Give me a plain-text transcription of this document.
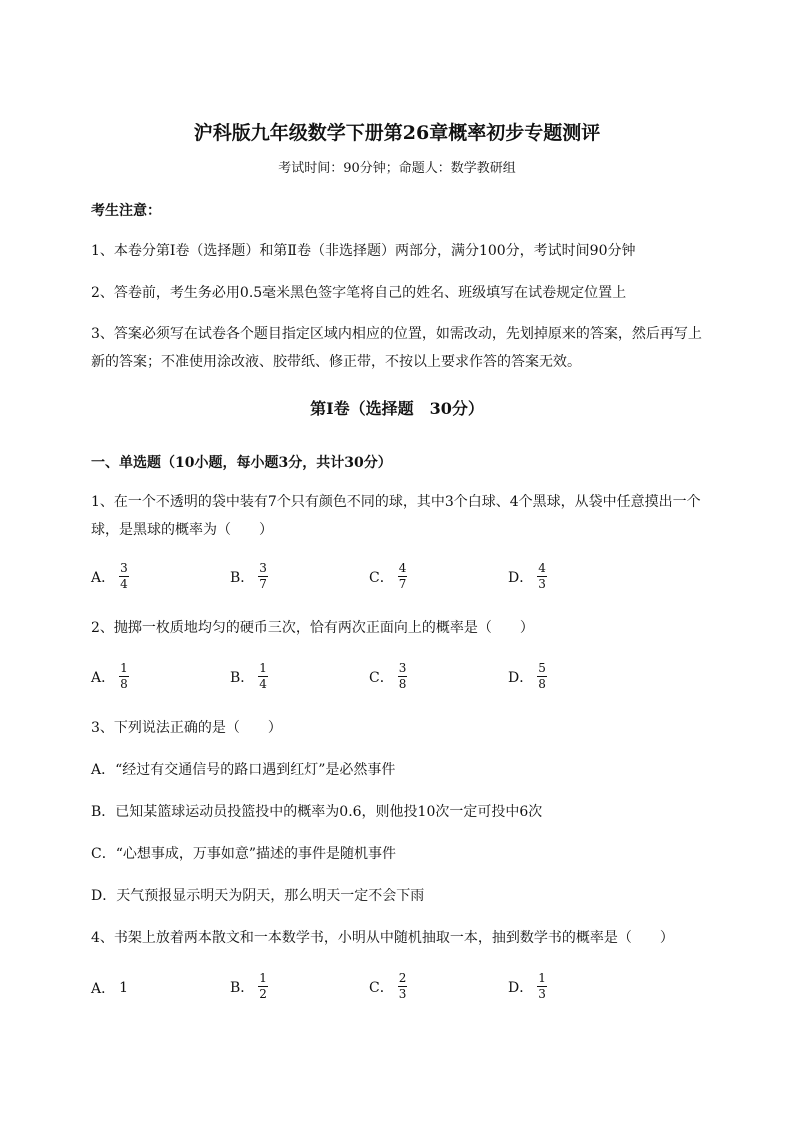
沪科版九年级数学下册第26章概率初步专题测评
考试时间：90分钟；命题人：数学教研组
考生注意：
1、本卷分第I卷（选择题）和第Ⅱ卷（非选择题）两部分，满分100分，考试时间90分钟
2、答卷前，考生务必用0.5毫米黑色签字笔将自己的姓名、班级填写在试卷规定位置上
3、答案必须写在试卷各个题目指定区域内相应的位置，如需改动，先划掉原来的答案，然后再写上新的答案；不准使用涂改液、胶带纸、修正带，不按以上要求作答的答案无效。
第I卷（选择题　30分）
一、单选题（10小题，每小题3分，共计30分）
1、在一个不透明的袋中装有7个只有颜色不同的球，其中3个白球、4个黑球，从袋中任意摸出一个球，是黑球的概率为（　　）
A． $\frac{3}{4}$	B． $\frac{3}{7}$	C． $\frac{4}{7}$	D． $\frac{4}{3}$
2、抛掷一枚质地均匀的硬币三次，恰有两次正面向上的概率是（　　）
A． $\frac{1}{8}$	B． $\frac{1}{4}$	C． $\frac{3}{8}$	D． $\frac{5}{8}$
3、下列说法正确的是（　　）
A．“经过有交通信号的路口遇到红灯”是必然事件
B．已知某篮球运动员投篮投中的概率为0.6，则他投10次一定可投中6次
C．“心想事成，万事如意”描述的事件是随机事件
D．天气预报显示明天为阴天，那么明天一定不会下雨
4、书架上放着两本散文和一本数学书，小明从中随机抽取一本，抽到数学书的概率是（　　）
A． 1	B． $\frac{1}{2}$	C． $\frac{2}{3}$	D． $\frac{1}{3}$
